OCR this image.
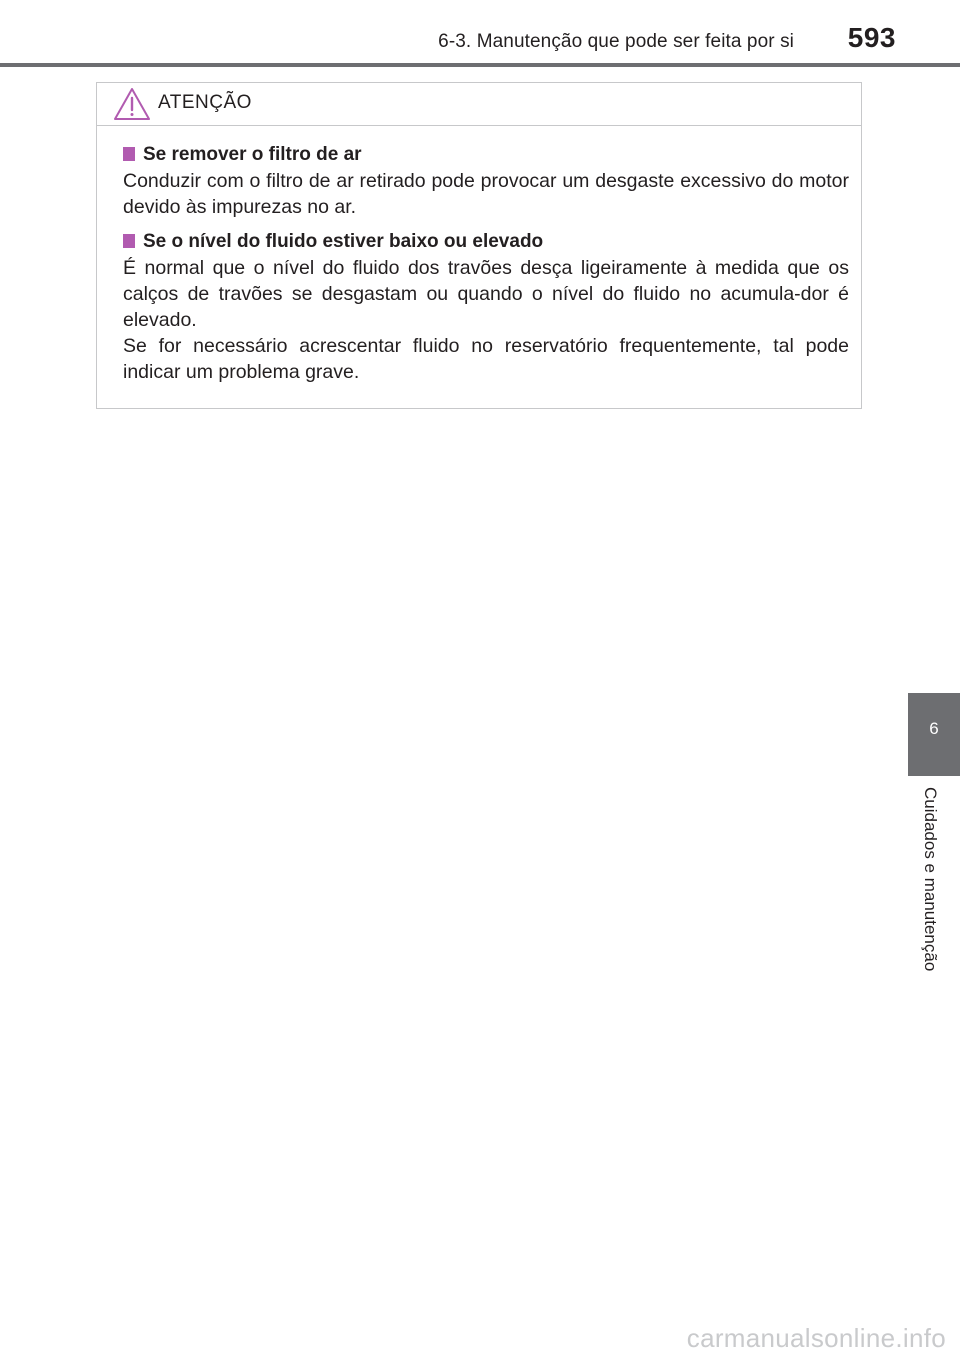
6-3. Manutenção que pode ser feita por si 593
ATENÇÃO
Se remover o filtro de ar

Conduzir com o filtro de ar retirado pode provocar um desgaste excessivo do motor devido às impurezas no ar.

Se o nível do fluido estiver baixo ou elevado

É normal que o nível do fluido dos travões desça ligeiramente à medida que os calços de travões se desgastam ou quando o nível do fluido no acumula-dor é elevado.

Se for necessário acrescentar fluido no reservatório frequentemente, tal pode indicar um problema grave.

6
Cuidados e manutenção
carmanualsonline.info
